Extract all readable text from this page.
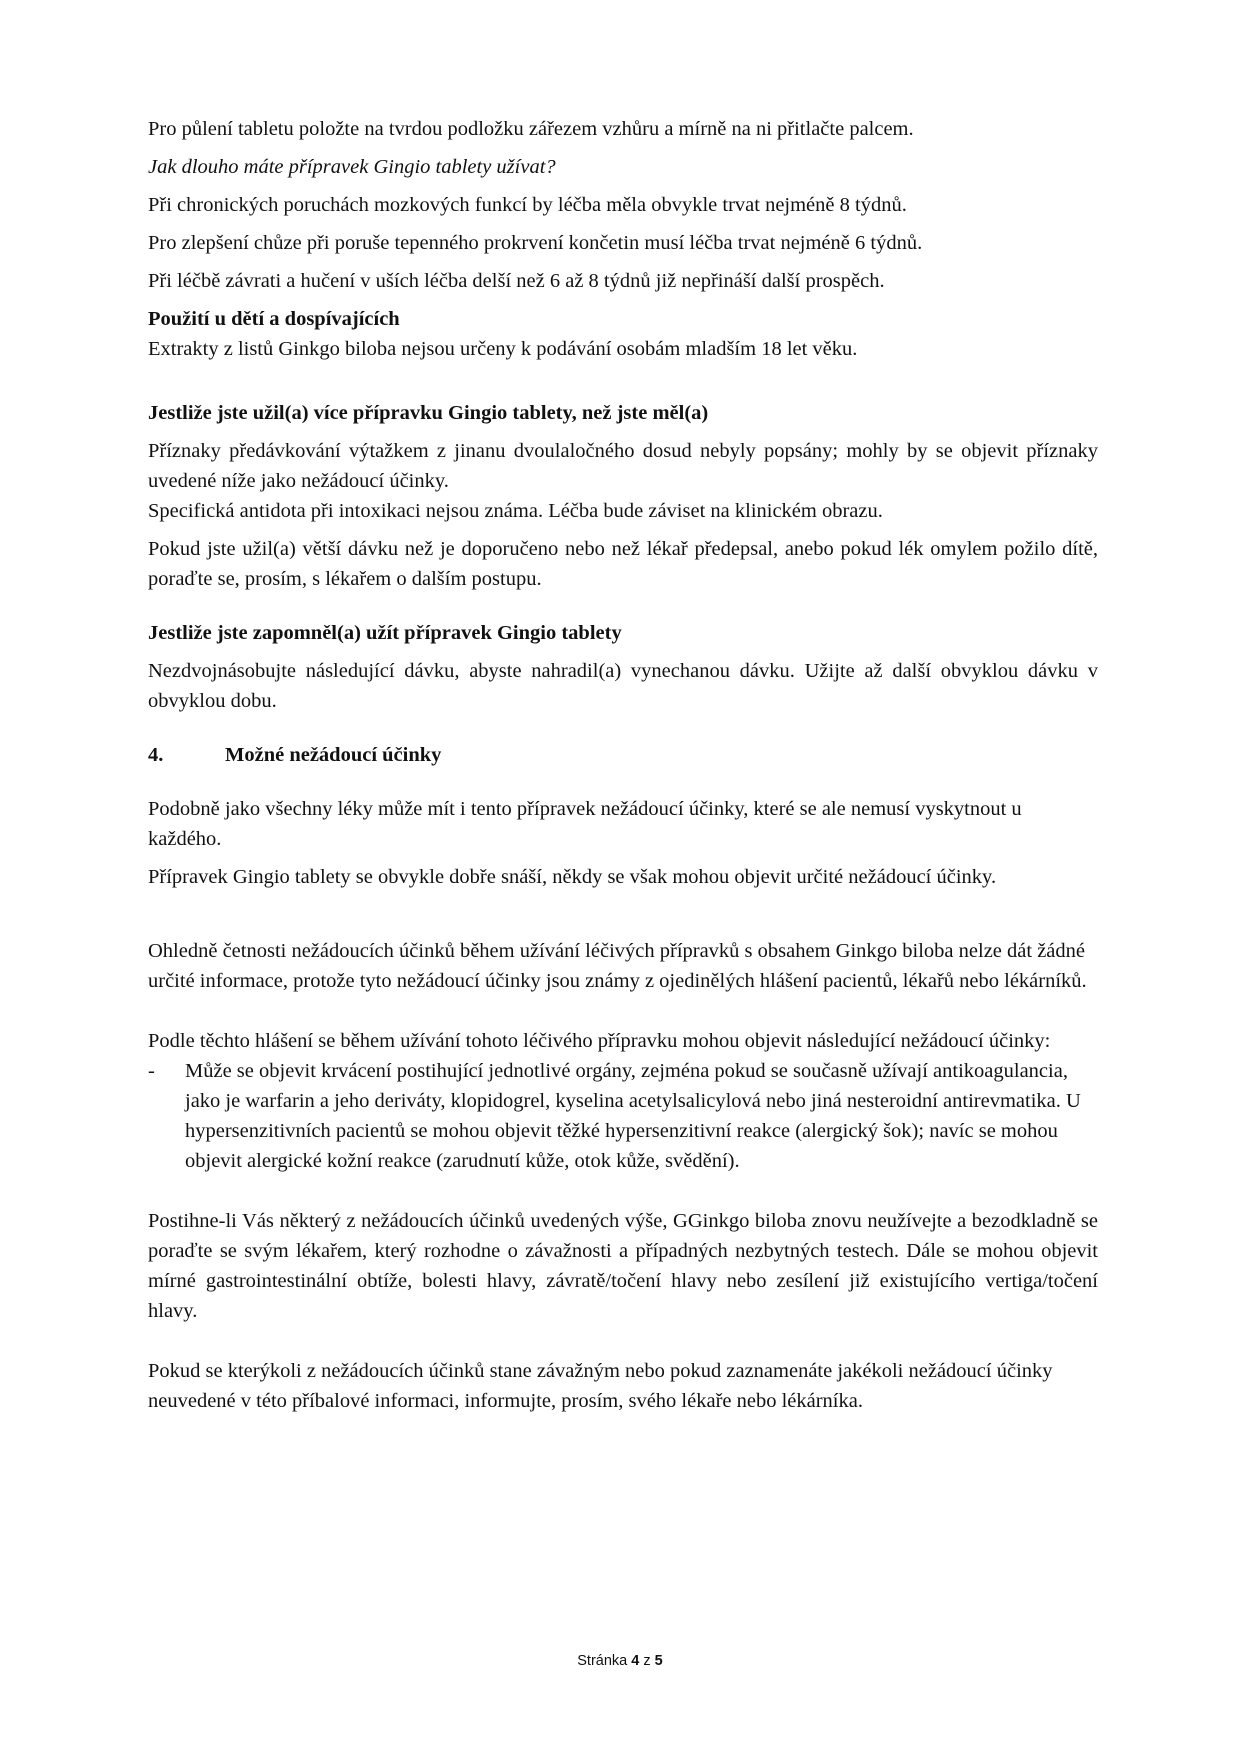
Pro půlení tabletu položte na tvrdou podložku zářezem vzhůru a mírně na ni přitlačte palcem.

Jak dlouho máte přípravek Gingio tablety užívat?

Při chronických poruchách mozkových funkcí by léčba měla obvykle trvat nejméně 8 týdnů.

Pro zlepšení chůze při poruše tepenného prokrvení končetin musí léčba trvat nejméně 6 týdnů.

Při léčbě závrati a hučení v uších léčba delší než 6 až 8 týdnů již nepřináší další prospěch.

Použití u dětí a dospívajících

Extrakty z listů Ginkgo biloba nejsou určeny k podávání osobám mladším 18 let věku.

Jestliže jste užil(a) více přípravku Gingio tablety, než jste měl(a)

Příznaky předávkování výtažkem z jinanu dvoulaločného dosud nebyly popsány; mohly by se objevit příznaky uvedené níže jako nežádoucí účinky.

Specifická antidota při intoxikaci nejsou známa. Léčba bude záviset na klinickém obrazu.

Pokud jste užil(a) větší dávku než je doporučeno nebo než lékař předepsal, anebo pokud lék omylem požilo dítě, poraďte se, prosím, s lékařem o dalším postupu.

Jestliže jste zapomněl(a) užít přípravek Gingio tablety

Nezdvojnásobujte následující dávku, abyste nahradil(a) vynechanou dávku. Užijte až další obvyklou dávku v obvyklou dobu.

4.	Možné nežádoucí účinky

Podobně jako všechny léky může mít i tento přípravek nežádoucí účinky, které se ale nemusí vyskytnout u každého.

Přípravek Gingio tablety se obvykle dobře snáší, někdy se však mohou objevit určité nežádoucí účinky.

Ohledně četnosti nežádoucích účinků během užívání léčivých přípravků s obsahem Ginkgo biloba nelze dát žádné určité informace, protože tyto nežádoucí účinky jsou známy z ojedinělých hlášení pacientů, lékařů nebo lékárníků.

Podle těchto hlášení se během užívání tohoto léčivého přípravku mohou objevit následující nežádoucí účinky:

-	Může se objevit krvácení postihující jednotlivé orgány, zejména pokud se současně užívají antikoagulancia, jako je warfarin a jeho deriváty, klopidogrel, kyselina acetylsalicylová nebo jiná nesteroidní antirevmatika. U hypersenzitivních pacientů se mohou objevit těžké hypersenzitivní reakce (alergický šok); navíc se mohou objevit alergické kožní reakce (zarudnutí kůže, otok kůže, svědění).

Postihne-li Vás některý z nežádoucích účinků uvedených výše, GGinkgo biloba znovu neužívejte a bezodkladně se poraďte se svým lékařem, který rozhodne o závažnosti a případných nezbytných testech. Dále se mohou objevit mírné gastrointestinální obtíže, bolesti hlavy, závratě/točení hlavy nebo zesílení již existujícího vertiga/točení hlavy.

Pokud se kterýkoli z nežádoucích účinků stane závažným nebo pokud zaznamenáte jakékoli nežádoucí účinky neuvedené v této příbalové informaci, informujte, prosím, svého lékaře nebo lékárníka.

Stránka 4 z 5
